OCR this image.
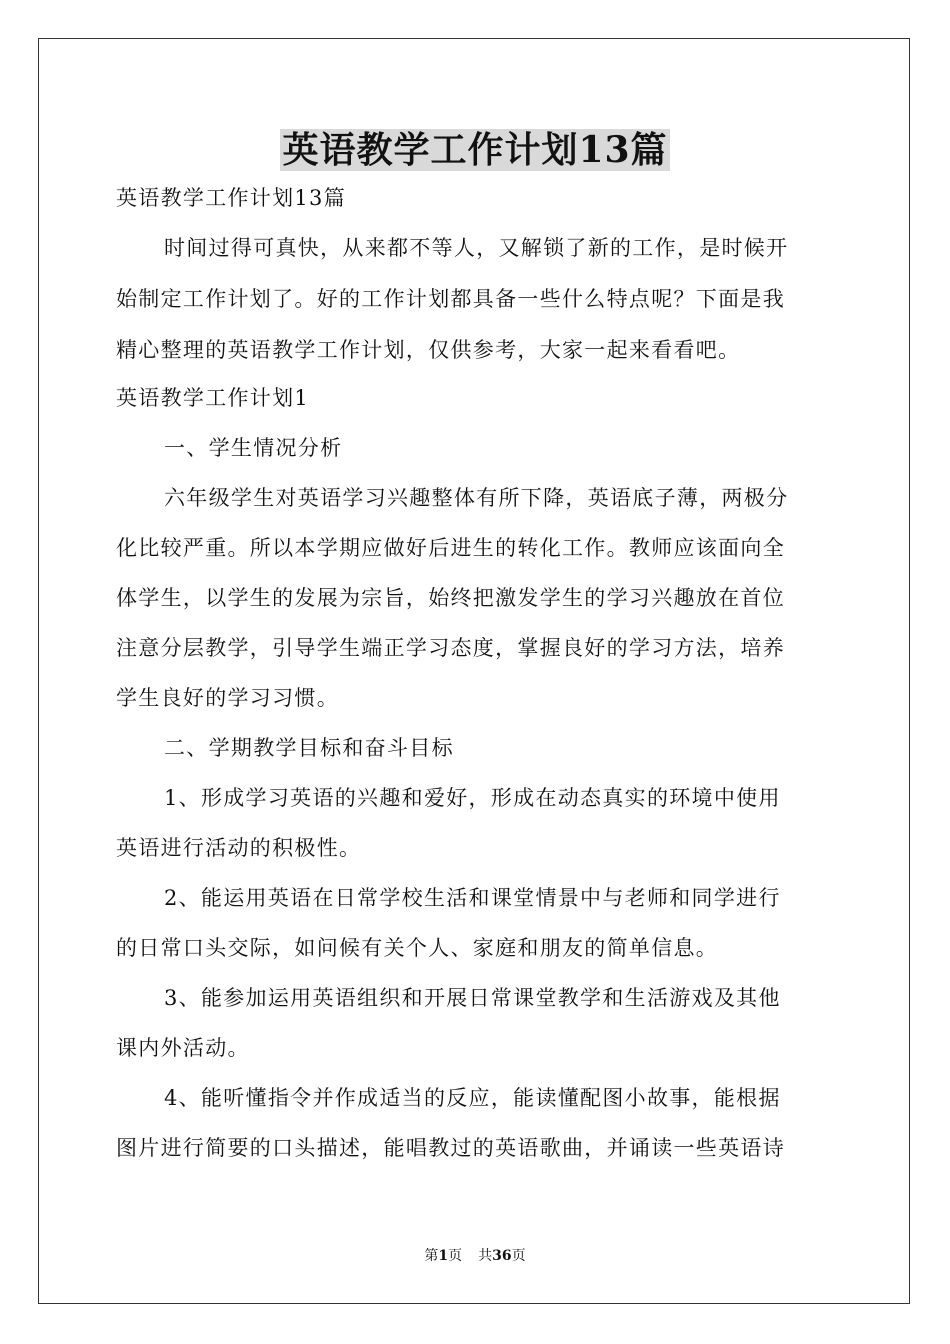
英语教学工作计划13篇

英语教学工作计划13篇

时间过得可真快，从来都不等人，又解锁了新的工作，是时候开

始制定工作计划了。好的工作计划都具备一些什么特点呢？下面是我

精心整理的英语教学工作计划，仅供参考，大家一起来看看吧。

英语教学工作计划1

一、学生情况分析

六年级学生对英语学习兴趣整体有所下降，英语底子薄，两极分

化比较严重。所以本学期应做好后进生的转化工作。教师应该面向全

体学生，以学生的发展为宗旨，始终把激发学生的学习兴趣放在首位

注意分层教学，引导学生端正学习态度，掌握良好的学习方法，培养

学生良好的学习习惯。

二、学期教学目标和奋斗目标

1、形成学习英语的兴趣和爱好，形成在动态真实的环境中使用

英语进行活动的积极性。

2、能运用英语在日常学校生活和课堂情景中与老师和同学进行

的日常口头交际，如问候有关个人、家庭和朋友的简单信息。

3、能参加运用英语组织和开展日常课堂教学和生活游戏及其他

课内外活动。

4、能听懂指令并作成适当的反应，能读懂配图小故事，能根据

图片进行简要的口头描述，能唱教过的英语歌曲，并诵读一些英语诗

第1页 共36页
